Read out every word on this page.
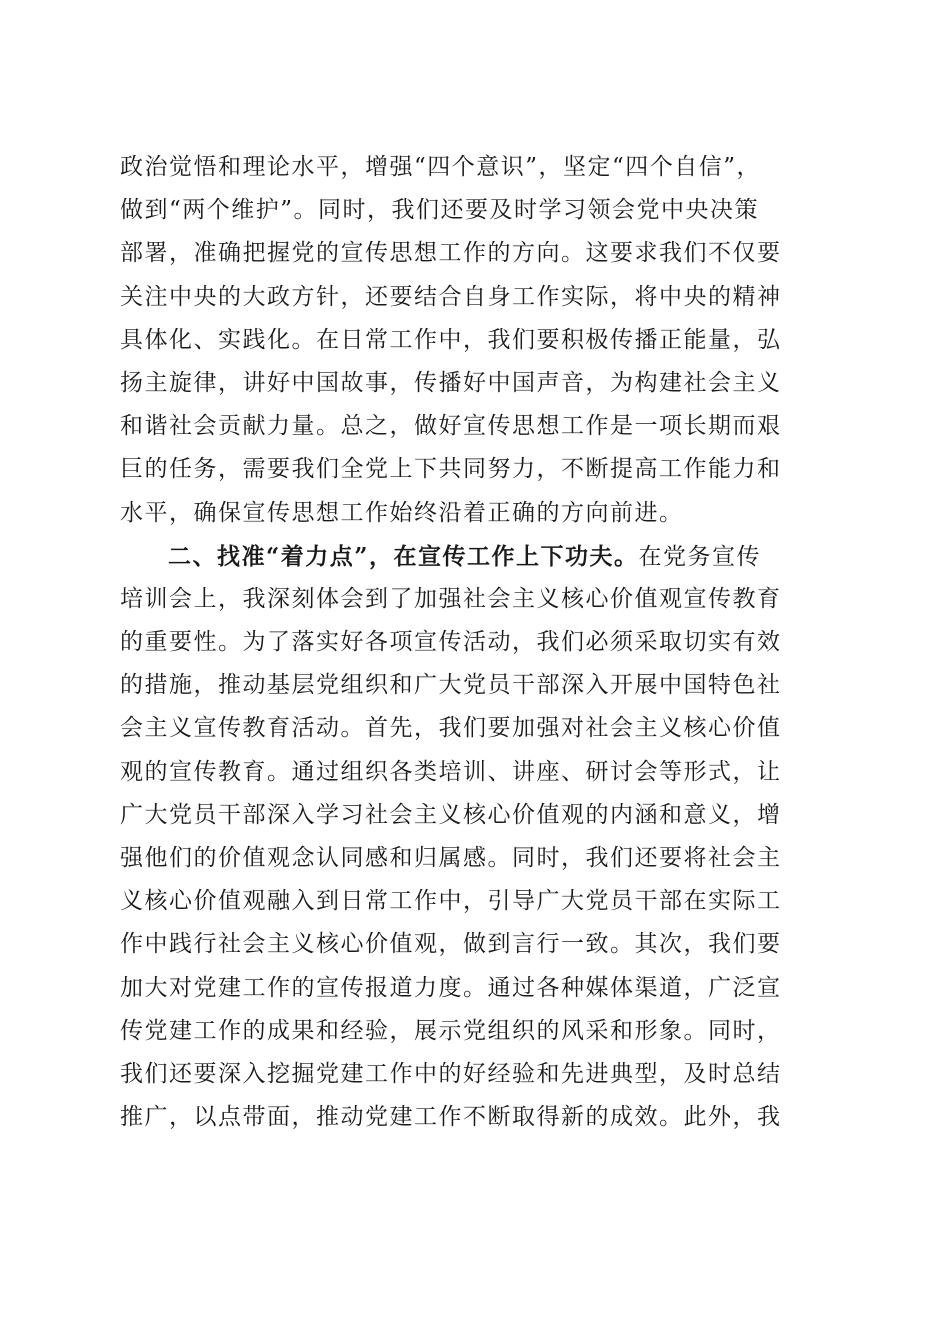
政治觉悟和理论水平，增强“四个意识”，坚定“四个自信”，
做到“两个维护”。同时，我们还要及时学习领会党中央决策
部署，准确把握党的宣传思想工作的方向。这要求我们不仅要
关注中央的大政方针，还要结合自身工作实际，将中央的精神
具体化、实践化。在日常工作中，我们要积极传播正能量，弘
扬主旋律，讲好中国故事，传播好中国声音，为构建社会主义
和谐社会贡献力量。总之，做好宣传思想工作是一项长期而艰
巨的任务，需要我们全党上下共同努力，不断提高工作能力和
水平，确保宣传思想工作始终沿着正确的方向前进。
二、找准“着力点”，在宣传工作上下功夫。在党务宣传
培训会上，我深刻体会到了加强社会主义核心价值观宣传教育
的重要性。为了落实好各项宣传活动，我们必须采取切实有效
的措施，推动基层党组织和广大党员干部深入开展中国特色社
会主义宣传教育活动。首先，我们要加强对社会主义核心价值
观的宣传教育。通过组织各类培训、讲座、研讨会等形式，让
广大党员干部深入学习社会主义核心价值观的内涵和意义，增
强他们的价值观念认同感和归属感。同时，我们还要将社会主
义核心价值观融入到日常工作中，引导广大党员干部在实际工
作中践行社会主义核心价值观，做到言行一致。其次，我们要
加大对党建工作的宣传报道力度。通过各种媒体渠道，广泛宣
传党建工作的成果和经验，展示党组织的风采和形象。同时，
我们还要深入挖掘党建工作中的好经验和先进典型，及时总结
推广，以点带面，推动党建工作不断取得新的成效。此外，我
